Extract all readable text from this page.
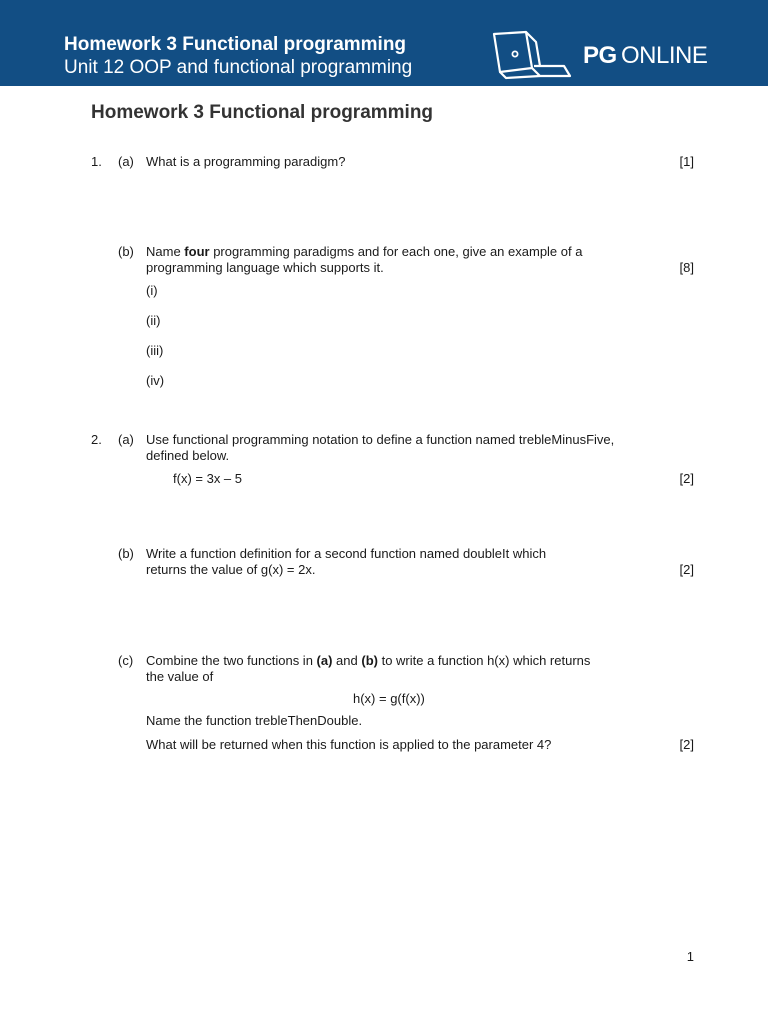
Homework 3 Functional programming
Unit 12 OOP and functional programming	PG ONLINE
Homework 3 Functional programming
1. (a) What is a programming paradigm?	[1]
(b) Name four programming paradigms and for each one, give an example of a
programming language which supports it.	[8]
(i)
(ii)
(iii)
(iv)
2. (a) Use functional programming notation to define a function named trebleMinusFive,
defined below.
f(x) = 3x – 5	[2]
(b) Write a function definition for a second function named doubleIt which
returns the value of g(x) = 2x.	[2]
(c) Combine the two functions in (a) and (b) to write a function h(x) which returns
the value of
h(x) = g(f(x))
Name the function trebleThenDouble.
What will be returned when this function is applied to the parameter 4?	[2]
1
